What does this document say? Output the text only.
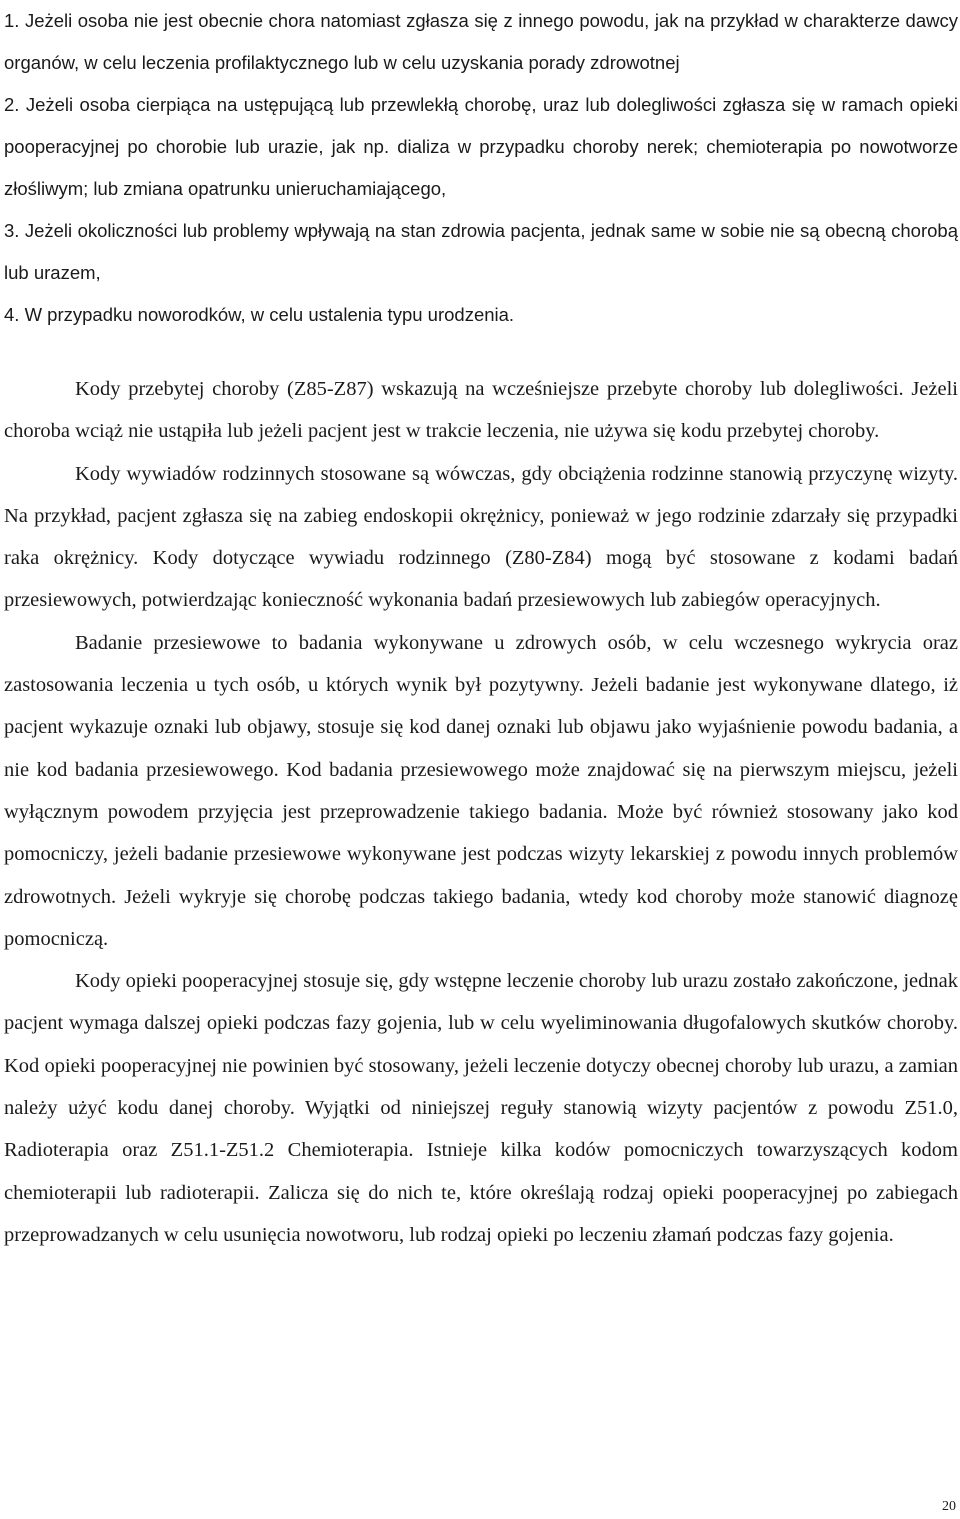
1. Jeżeli osoba nie jest obecnie chora natomiast zgłasza się z innego powodu, jak na przykład w charakterze dawcy organów, w celu leczenia profilaktycznego lub w celu uzyskania porady zdrowotnej

2. Jeżeli osoba cierpiąca na ustępującą lub przewlekłą chorobę, uraz lub dolegliwości zgłasza się w ramach opieki pooperacyjnej po chorobie lub urazie, jak np. dializa w przypadku choroby nerek; chemioterapia po nowotworze złośliwym; lub zmiana opatrunku unieruchamiającego,

3. Jeżeli okoliczności lub problemy wpływają na stan zdrowia pacjenta, jednak same w sobie nie są obecną chorobą lub urazem,

4. W przypadku noworodków, w celu ustalenia typu urodzenia.

Kody przebytej choroby (Z85-Z87) wskazują na wcześniejsze przebyte choroby lub dolegliwości. Jeżeli choroba wciąż nie ustąpiła lub jeżeli pacjent jest w trakcie leczenia, nie używa się kodu przebytej choroby.

Kody wywiadów rodzinnych stosowane są wówczas, gdy obciążenia rodzinne stanowią przyczynę wizyty. Na przykład, pacjent zgłasza się na zabieg endoskopii okrężnicy, ponieważ w jego rodzinie zdarzały się przypadki raka okrężnicy. Kody dotyczące wywiadu rodzinnego (Z80-Z84) mogą być stosowane z kodami badań przesiewowych, potwierdzając konieczność wykonania badań przesiewowych lub zabiegów operacyjnych.

Badanie przesiewowe to badania wykonywane u zdrowych osób, w celu wczesnego wykrycia oraz zastosowania leczenia u tych osób, u których wynik był pozytywny. Jeżeli badanie jest wykonywane dlatego, iż pacjent wykazuje oznaki lub objawy, stosuje się kod danej oznaki lub objawu jako wyjaśnienie powodu badania, a nie kod badania przesiewowego. Kod badania przesiewowego może znajdować się na pierwszym miejscu, jeżeli wyłącznym powodem przyjęcia jest przeprowadzenie takiego badania. Może być również stosowany jako kod pomocniczy, jeżeli badanie przesiewowe wykonywane jest podczas wizyty lekarskiej z powodu innych problemów zdrowotnych. Jeżeli wykryje się chorobę podczas takiego badania, wtedy kod choroby może stanowić diagnozę pomocniczą.

Kody opieki pooperacyjnej stosuje się, gdy wstępne leczenie choroby lub urazu zostało zakończone, jednak pacjent wymaga dalszej opieki podczas fazy gojenia, lub w celu wyeliminowania długofalowych skutków choroby. Kod opieki pooperacyjnej nie powinien być stosowany, jeżeli leczenie dotyczy obecnej choroby lub urazu, a zamian należy użyć kodu danej choroby. Wyjątki od niniejszej reguły stanowią wizyty pacjentów z powodu Z51.0, Radioterapia oraz Z51.1-Z51.2 Chemioterapia. Istnieje kilka kodów pomocniczych towarzyszących kodom chemioterapii lub radioterapii. Zalicza się do nich te, które określają rodzaj opieki pooperacyjnej po zabiegach przeprowadzanych w celu usunięcia nowotworu, lub rodzaj opieki po leczeniu złamań podczas fazy gojenia.

20
